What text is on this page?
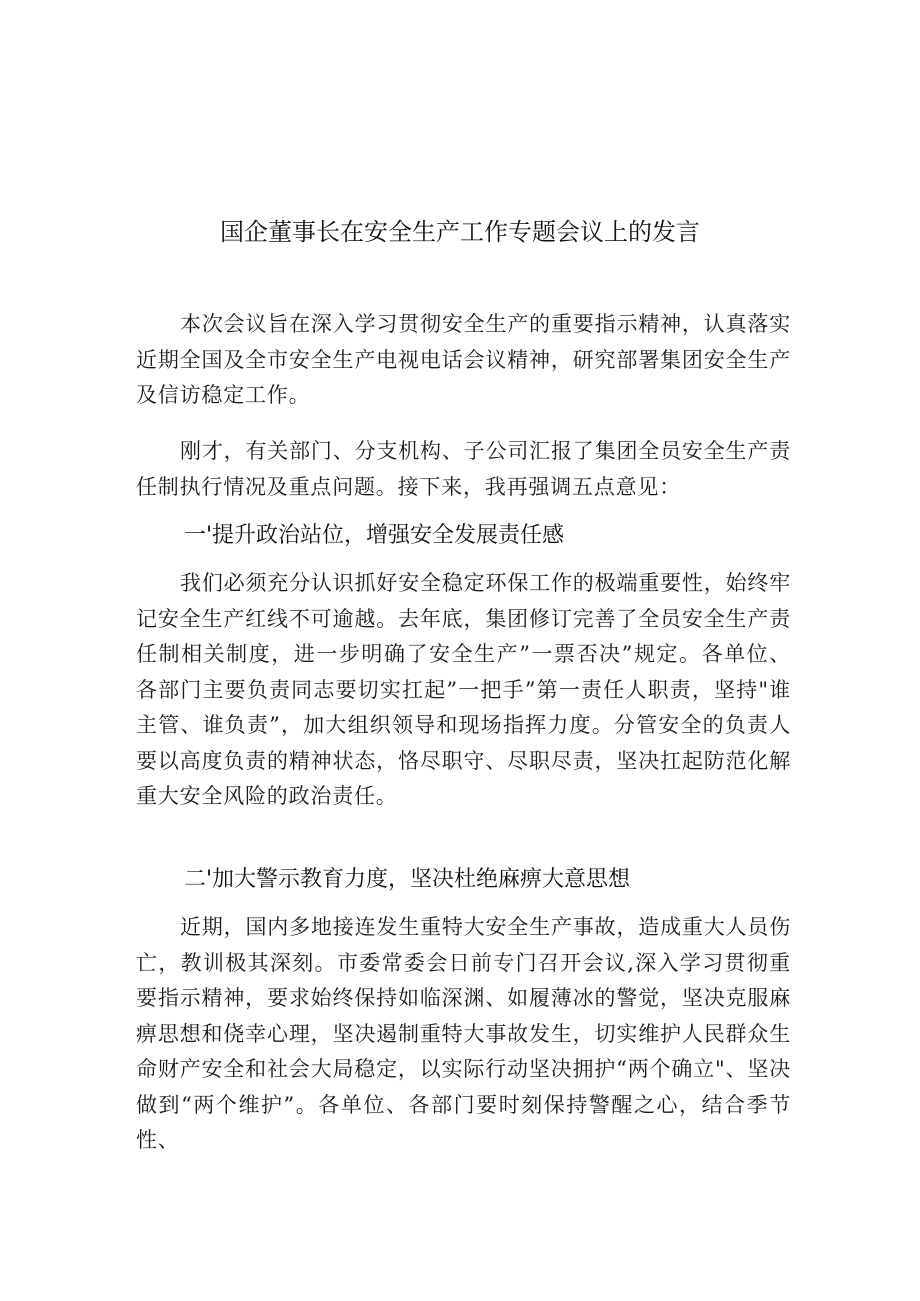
国企董事长在安全生产工作专题会议上的发言

本次会议旨在深入学习贯彻安全生产的重要指示精神，认真落实近期全国及全市安全生产电视电话会议精神，研究部署集团安全生产及信访稳定工作。

刚才，有关部门、分支机构、子公司汇报了集团全员安全生产责任制执行情况及重点问题。接下来，我再强调五点意见：

一'提升政治站位，增强安全发展责任感

我们必须充分认识抓好安全稳定环保工作的极端重要性，始终牢记安全生产红线不可逾越。去年底，集团修订完善了全员安全生产责任制相关制度，进一步明确了安全生产”一票否决”规定。各单位、各部门主要负责同志要切实扛起”一把手”第一责任人职责，坚持"谁主管、谁负责”，加大组织领导和现场指挥力度。分管安全的负责人要以高度负责的精神状态，恪尽职守、尽职尽责，坚决扛起防范化解重大安全风险的政治责任。

二'加大警示教育力度，坚决杜绝麻痹大意思想

近期，国内多地接连发生重特大安全生产事故，造成重大人员伤亡，教训极其深刻。市委常委会日前专门召开会议,深入学习贯彻重要指示精神，要求始终保持如临深渊、如履薄冰的警觉，坚决克服麻痹思想和侥幸心理，坚决遏制重特大事故发生，切实维护人民群众生命财产安全和社会大局稳定，以实际行动坚决拥护“两个确立"、坚决做到“两个维护”。各单位、各部门要时刻保持警醒之心，结合季节性、
